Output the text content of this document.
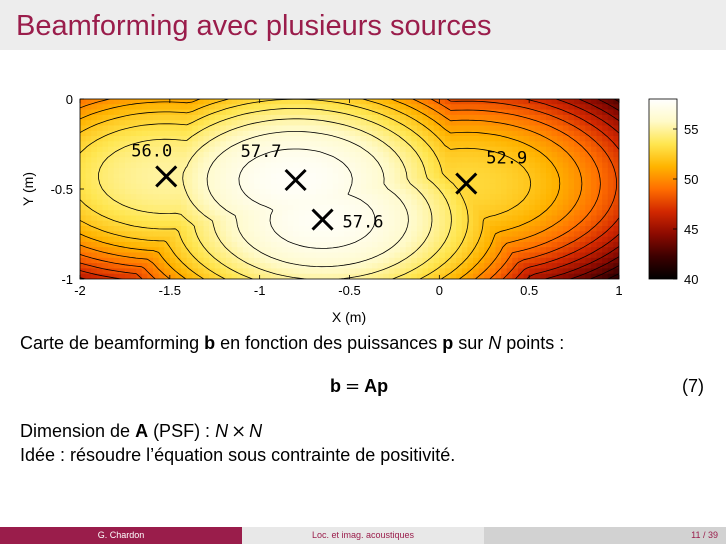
Beamforming avec plusieurs sources
-2	-1.5	-1	-0.5	0	0.5	1
0
-0.5
-1
56.0	57.7
57.6
52.9
40
45
50
55
X (m)
Y (m)
Carte de beamforming b en fonction des puissances p sur N points :
b = Ap	(7)
Dimension de A (PSF) : N × N
Idée : résoudre l’équation sous contrainte de positivité.
G. Chardon	Loc. et imag. acoustiques	11 / 39
